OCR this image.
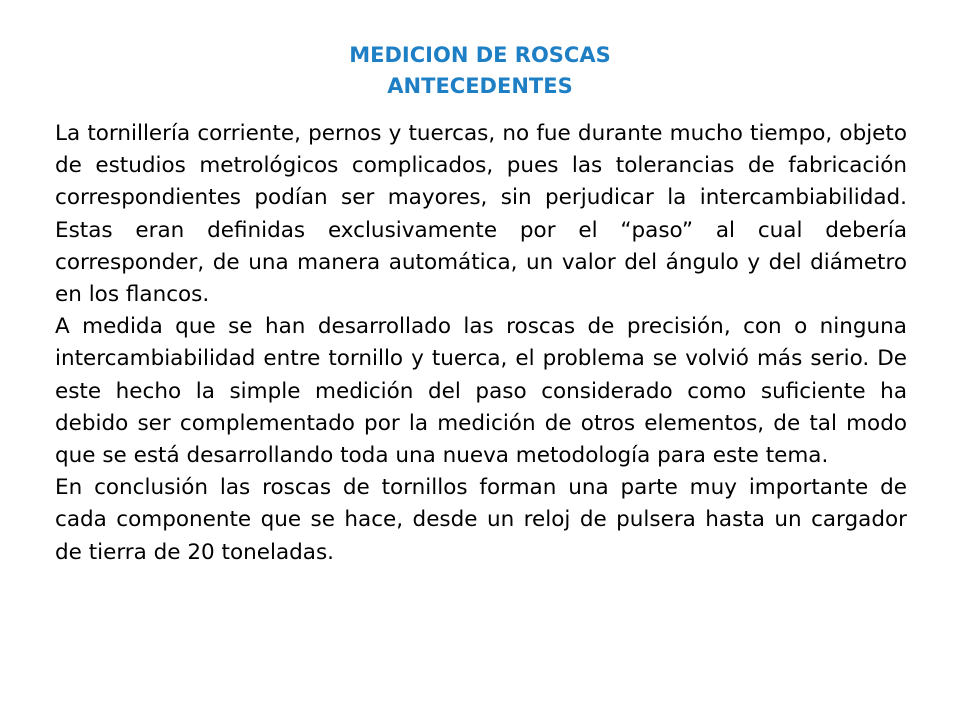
MEDICION DE ROSCAS
ANTECEDENTES

La tornillería corriente, pernos y tuercas, no fue durante mucho tiempo, objeto de estudios metrológicos complicados, pues las tolerancias de fabricación correspondientes podían ser mayores, sin perjudicar la intercambiabilidad. Estas eran definidas exclusivamente por el “paso” al cual debería corresponder, de una manera automática, un valor del ángulo y del diámetro en los flancos.

A medida que se han desarrollado las roscas de precisión, con o ninguna intercambiabilidad entre tornillo y tuerca, el problema se volvió más serio. De este hecho la simple medición del paso considerado como suficiente ha debido ser complementado por la medición de otros elementos, de tal modo que se está desarrollando toda una nueva metodología para este tema.

En conclusión las roscas de tornillos forman una parte muy importante de cada componente que se hace, desde un reloj de pulsera hasta un cargador de tierra de 20 toneladas.
